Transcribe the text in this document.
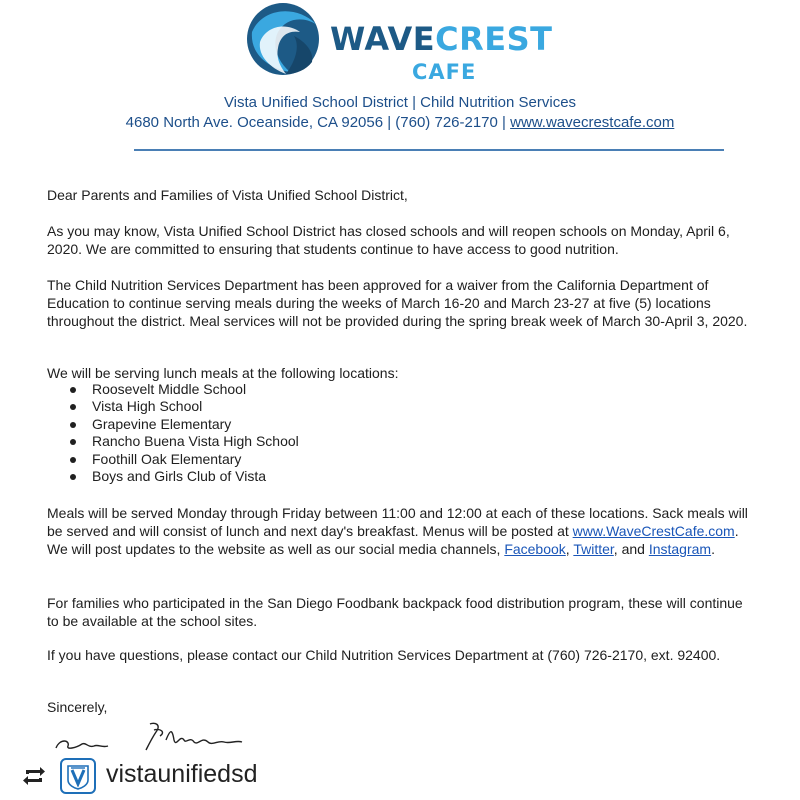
WAVECREST
CAFE
Vista Unified School District | Child Nutrition Services
4680 North Ave. Oceanside, CA 92056 | (760) 726-2170 | www.wavecrestcafe.com
Dear Parents and Families of Vista Unified School District,

As you may know, Vista Unified School District has closed schools and will reopen schools on Monday, April 6, 2020. We are committed to ensuring that students continue to have access to good nutrition.

The Child Nutrition Services Department has been approved for a waiver from the California Department of Education to continue serving meals during the weeks of March 16-20 and March 23-27 at five (5) locations throughout the district. Meal services will not be provided during the spring break week of March 30-April 3, 2020.

We will be serving lunch meals at the following locations:
Roosevelt Middle School
Vista High School
Grapevine Elementary
Rancho Buena Vista High School
Foothill Oak Elementary
Boys and Girls Club of Vista

Meals will be served Monday through Friday between 11:00 and 12:00 at each of these locations. Sack meals will be served and will consist of lunch and next day's breakfast. Menus will be posted at www.WaveCrestCafe.com. We will post updates to the website as well as our social media channels, Facebook, Twitter, and Instagram.

For families who participated in the San Diego Foodbank backpack food distribution program, these will continue to be available at the school sites.

If you have questions, please contact our Child Nutrition Services Department at (760) 726-2170, ext. 92400.

Sincerely,
vistaunifiedsd
